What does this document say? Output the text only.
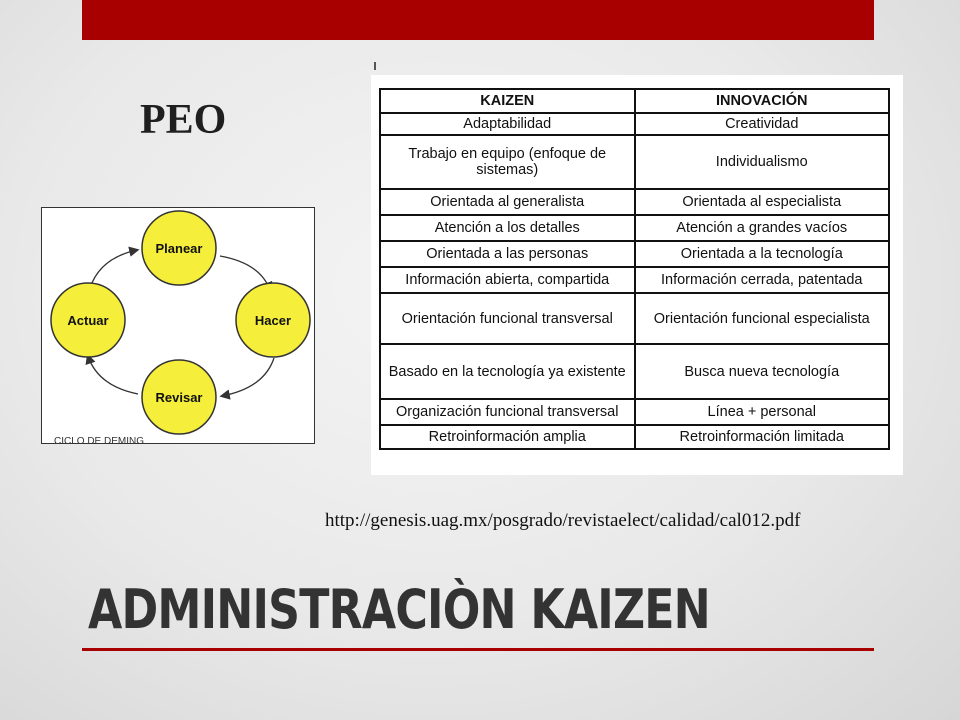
PEO
Planear
Hacer
Revisar
Actuar
CICLO DE DEMING
KAIZEN	INNOVACIÓN
Adaptabilidad	Creatividad
Trabajo en equipo (enfoque de sistemas)	Individualismo
Orientada al generalista	Orientada al especialista
Atención a los detalles	Atención a grandes vacíos
Orientada a las personas	Orientada a la tecnología
Información abierta, compartida	Información cerrada, patentada
Orientación funcional transversal	Orientación funcional especialista
Basado en la tecnología ya existente	Busca nueva tecnología
Organización funcional transversal	Línea + personal
Retroinformación amplia	Retroinformación limitada
http://genesis.uag.mx/posgrado/revistaelect/calidad/cal012.pdf
ADMINISTRACIÒN KAIZEN
